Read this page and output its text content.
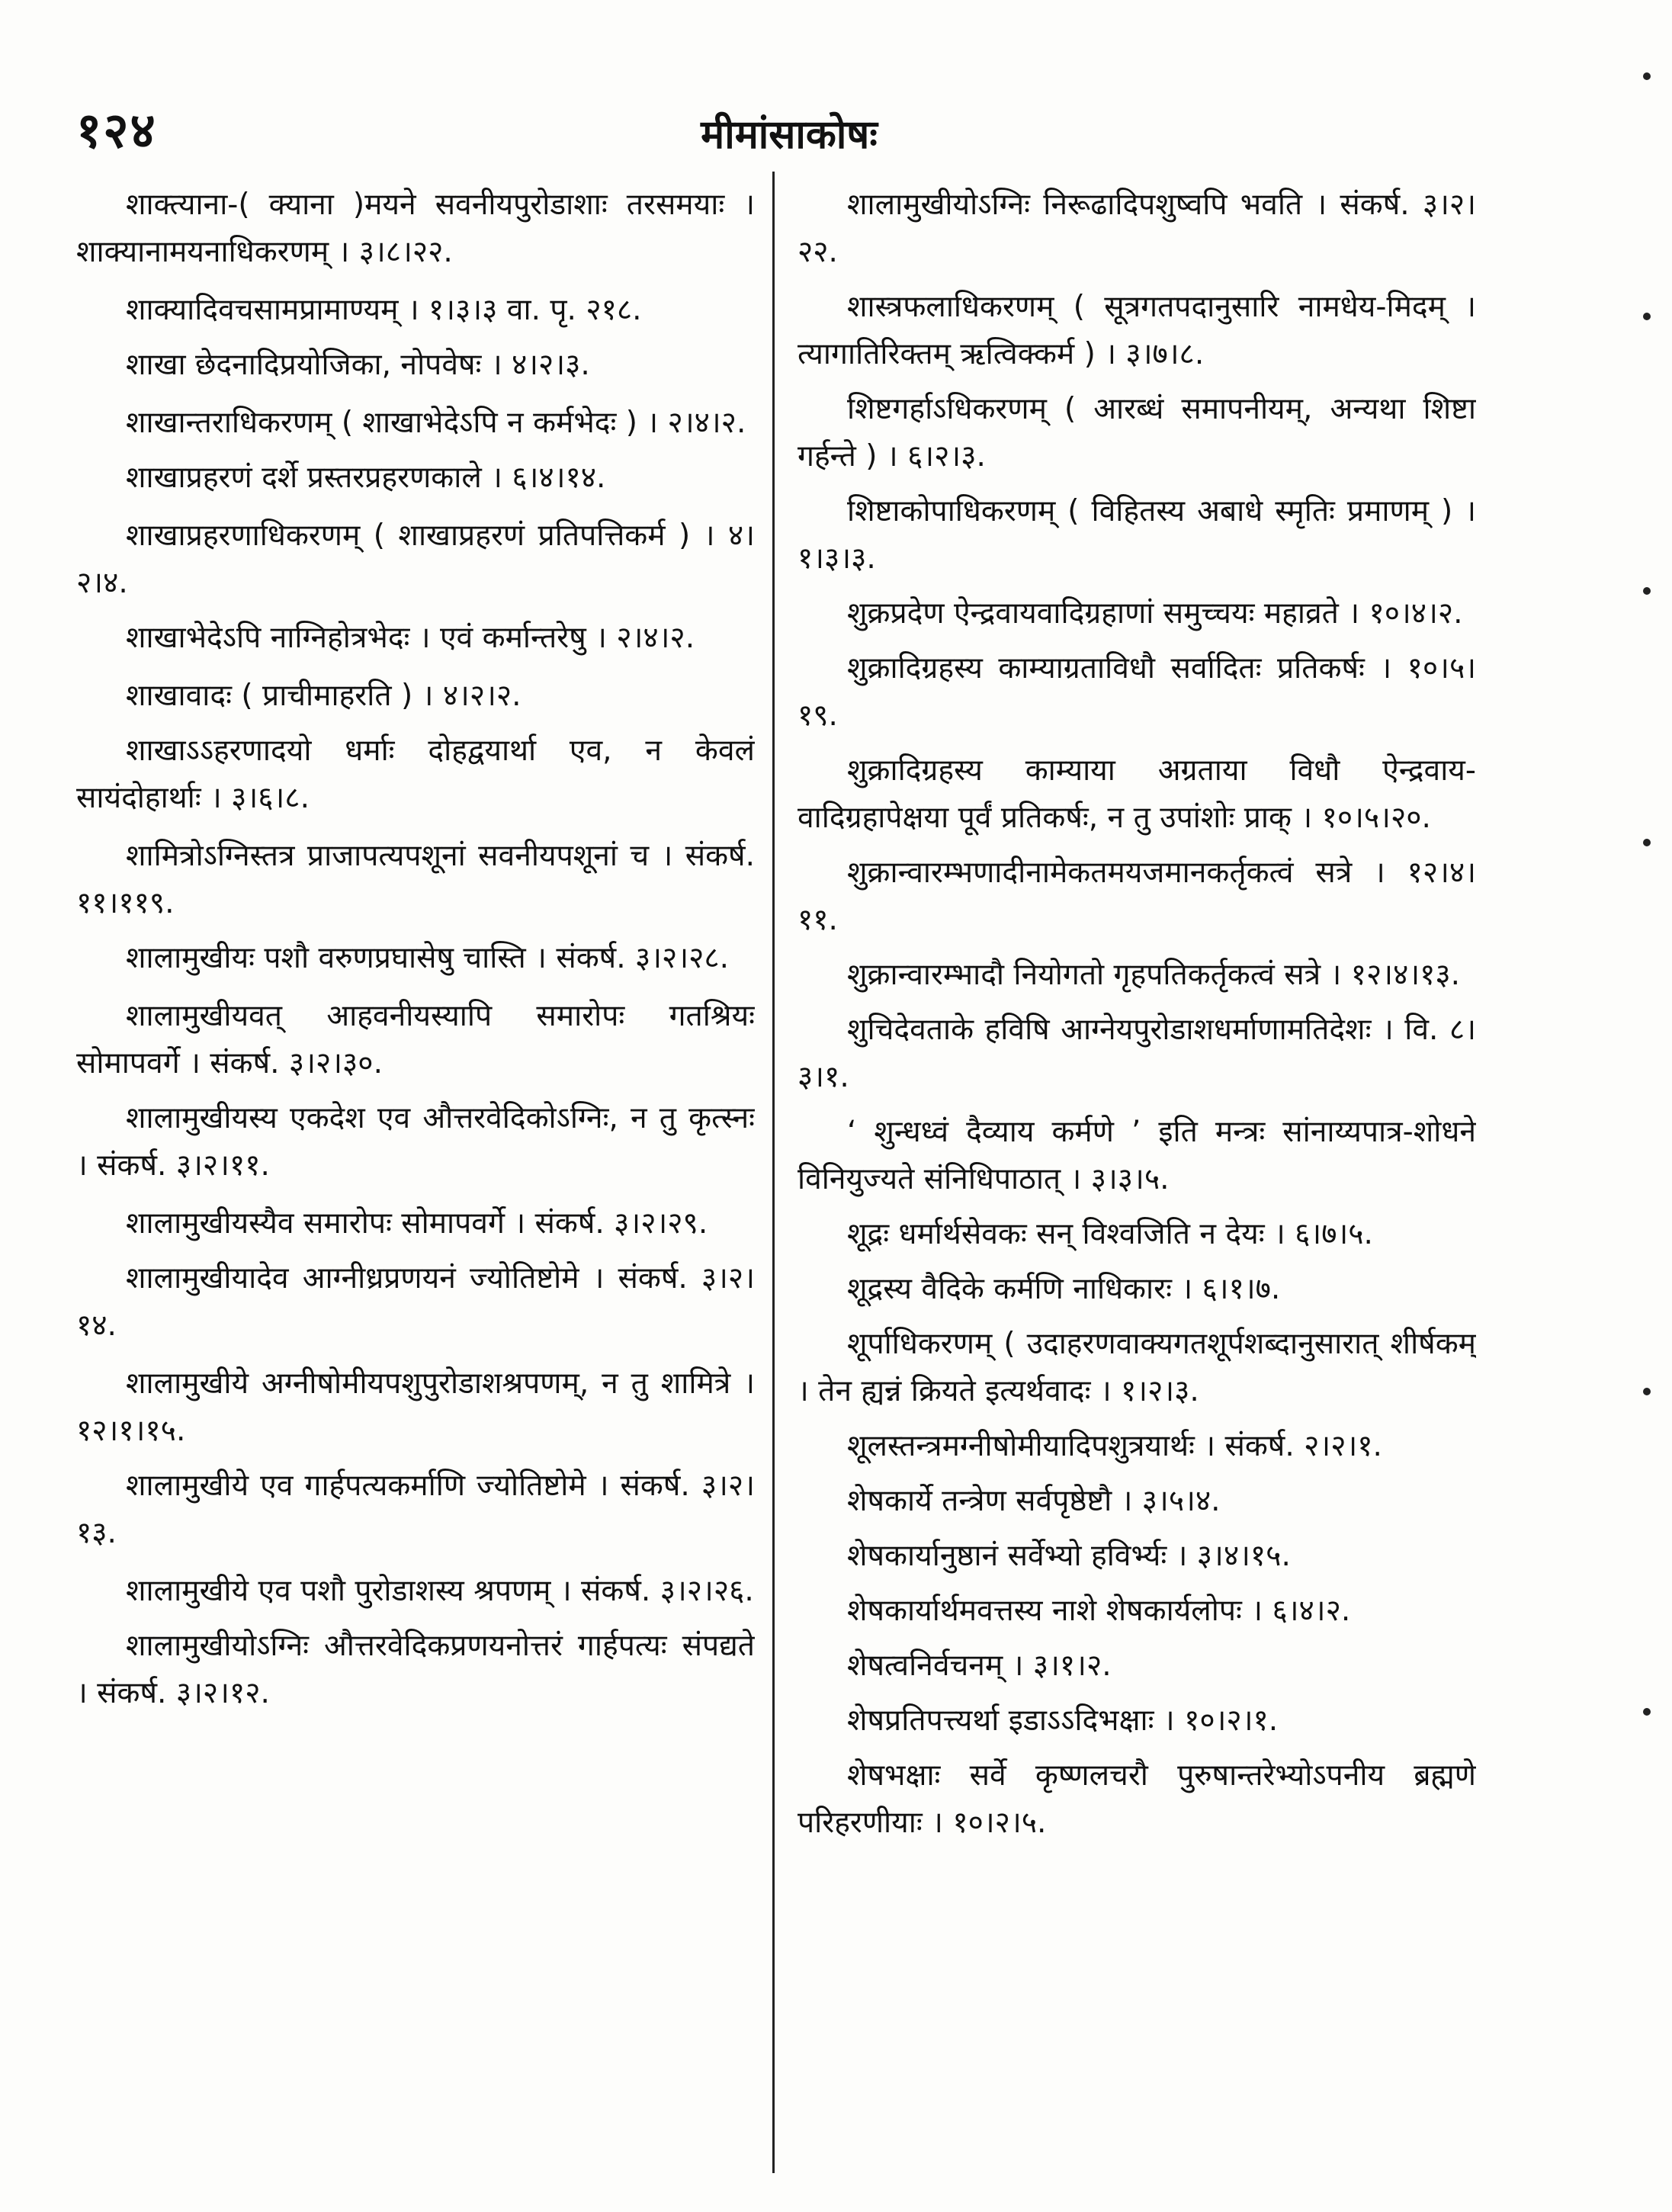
१२४	मीमांसाकोषः

शाक्त्याना-( क्याना )मयने सवनीयपुरोडाशाः तरसमयाः । शाक्यानामयनाधिकरणम् । ३।८।२२.

शाक्यादिवचसामप्रामाण्यम् । १।३।३ वा. पृ. २१८.

शाखा छेदनादिप्रयोजिका, नोपवेषः । ४।२।३.

शाखान्तराधिकरणम् ( शाखाभेदेऽपि न कर्मभेदः ) । २।४।२.

शाखाप्रहरणं दर्शे प्रस्तरप्रहरणकाले । ६।४।१४.

शाखाप्रहरणाधिकरणम् ( शाखाप्रहरणं प्रतिपत्तिकर्म ) । ४।२।४.

शाखाभेदेऽपि नाग्निहोत्रभेदः । एवं कर्मान्तरेषु । २।४।२.

शाखावादः ( प्राचीमाहरति ) । ४।२।२.

शाखाऽऽहरणादयो धर्माः दोहद्वयार्था एव, न केवलं सायंदोहार्थाः । ३।६।८.

शामित्रोऽग्निस्तत्र प्राजापत्यपशूनां सवनीयपशूनां च । संकर्ष. ११।११९.

शालामुखीयः पशौ वरुणप्रघासेषु चास्ति । संकर्ष. ३।२।२८.

शालामुखीयवत् आहवनीयस्यापि समारोपः गतश्रियः सोमापवर्गे । संकर्ष. ३।२।३०.

शालामुखीयस्य एकदेश एव औत्तरवेदिकोऽग्निः, न तु कृत्स्नः । संकर्ष. ३।२।११.

शालामुखीयस्यैव समारोपः सोमापवर्गे । संकर्ष. ३।२।२९.

शालामुखीयादेव आग्नीध्रप्रणयनं ज्योतिष्टोमे । संकर्ष. ३।२।१४.

शालामुखीये अग्नीषोमीयपशुपुरोडाशश्रपणम्, न तु शामित्रे । १२।१।१५.

शालामुखीये एव गार्हपत्यकर्माणि ज्योतिष्टोमे । संकर्ष. ३।२।१३.

शालामुखीये एव पशौ पुरोडाशस्य श्रपणम् । संकर्ष. ३।२।२६.

शालामुखीयोऽग्निः औत्तरवेदिकप्रणयनोत्तरं गार्हपत्यः संपद्यते । संकर्ष. ३।२।१२.

शालामुखीयोऽग्निः निरूढादिपशुष्वपि भवति । संकर्ष. ३।२।२२.

शास्त्रफलाधिकरणम् ( सूत्रगतपदानुसारि नामधेय-मिदम् । त्यागातिरिक्तम् ऋत्विक्कर्म ) । ३।७।८.

शिष्टगर्हाऽधिकरणम् ( आरब्धं समापनीयम्, अन्यथा शिष्टा गर्हन्ते ) । ६।२।३.

शिष्टाकोपाधिकरणम् ( विहितस्य अबाधे स्मृतिः प्रमाणम् ) । १।३।३.

शुक्रप्रदेण ऐन्द्रवायवादिग्रहाणां समुच्चयः महाव्रते । १०।४।२.

शुक्रादिग्रहस्य काम्याग्रताविधौ सर्वादितः प्रतिकर्षः । १०।५।१९.

शुक्रादिग्रहस्य काम्याया अग्रताया विधौ ऐन्द्रवाय-वादिग्रहापेक्षया पूर्वं प्रतिकर्षः, न तु उपांशोः प्राक् । १०।५।२०.

शुक्रान्वारम्भणादीनामेकतमयजमानकर्तृकत्वं सत्रे । १२।४।११.

शुक्रान्वारम्भादौ नियोगतो गृहपतिकर्तृकत्वं सत्रे । १२।४।१३.

शुचिदेवताके हविषि आग्नेयपुरोडाशधर्माणामतिदेशः । वि. ८।३।१.

‘ शुन्धध्वं दैव्याय कर्मणे ’ इति मन्त्रः सांनाय्यपात्र-शोधने विनियुज्यते संनिधिपाठात् । ३।३।५.

शूद्रः धर्मार्थसेवकः सन् विश्वजिति न देयः । ६।७।५.

शूद्रस्य वैदिके कर्मणि नाधिकारः । ६।१।७.

शूर्पाधिकरणम् ( उदाहरणवाक्यगतशूर्पशब्दानुसारात् शीर्षकम् । तेन ह्यन्नं क्रियते इत्यर्थवादः । १।२।३.

शूलस्तन्त्रमग्नीषोमीयादिपशुत्रयार्थः । संकर्ष. २।२।१.

शेषकार्ये तन्त्रेण सर्वपृष्ठेष्टौ । ३।५।४.

शेषकार्यानुष्ठानं सर्वेभ्यो हविर्भ्यः । ३।४।१५.

शेषकार्यार्थमवत्तस्य नाशे शेषकार्यलोपः । ६।४।२.

शेषत्वनिर्वचनम् । ३।१।२.

शेषप्रतिपत्त्यर्था इडाऽऽदिभक्षाः । १०।२।१.

शेषभक्षाः सर्वे कृष्णलचरौ पुरुषान्तरेभ्योऽपनीय ब्रह्मणे परिहरणीयाः । १०।२।५.
